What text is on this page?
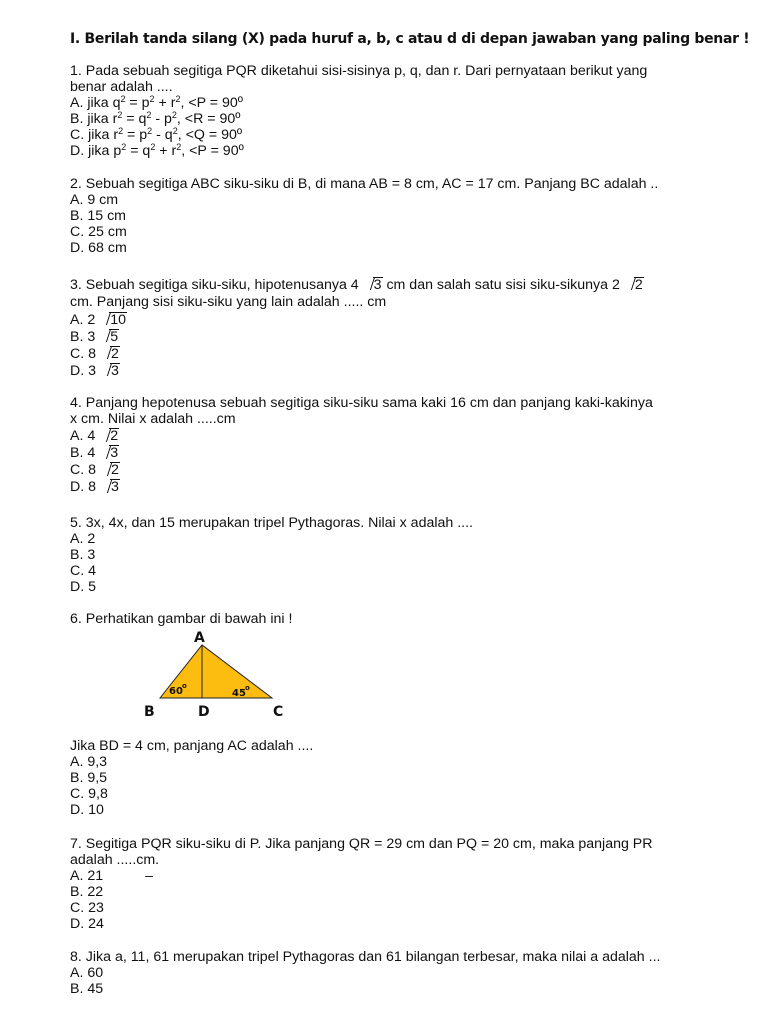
I. Berilah tanda silang (X) pada huruf a, b, c atau d di depan jawaban yang paling benar !
1. Pada sebuah segitiga PQR diketahui sisi-sisinya p, q, dan r. Dari pernyataan berikut yang
benar adalah ....
A. jika $q^2 = p^2 + r^2$, <P = 90º
B. jika $r^2 = q^2 - p^2$, <R = 90º
C. jika $r^2 = p^2 - q^2$, <Q = 90º
D. jika $p^2 = q^2 + r^2$, <P = 90º
2. Sebuah segitiga ABC siku-siku di B, di mana AB = 8 cm, AC = 17 cm. Panjang BC adalah ..
A. 9 cm
B. 15 cm
C. 25 cm
D. 68 cm
3. Sebuah segitiga siku-siku, hipotenusanya 4 3 cm dan salah satu sisi siku-sikunya 2 2
cm. Panjang sisi siku-siku yang lain adalah ..... cm
A. 2 10
B. 3 5
C. 8 2
D. 3 3
4. Panjang hepotenusa sebuah segitiga siku-siku sama kaki 16 cm dan panjang kaki-kakinya
x cm. Nilai x adalah .....cm
A. 4 2
B. 4 3
C. 8 2
D. 8 3
5. 3x, 4x, dan 15 merupakan tripel Pythagoras. Nilai x adalah ....
A. 2
B. 3
C. 4
D. 5
6. Perhatikan gambar di bawah ini !
A
B	D	C
60 o
45 o
Jika BD = 4 cm, panjang AC adalah ....
A. 9,3
B. 9,5
C. 9,8
D. 10
7. Segitiga PQR siku-siku di P. Jika panjang QR = 29 cm dan PQ = 20 cm, maka panjang PR
adalah .....cm.
A. 21	–
B. 22
C. 23
D. 24
8. Jika a, 11, 61 merupakan tripel Pythagoras dan 61 bilangan terbesar, maka nilai a adalah ...
A. 60
B. 45
